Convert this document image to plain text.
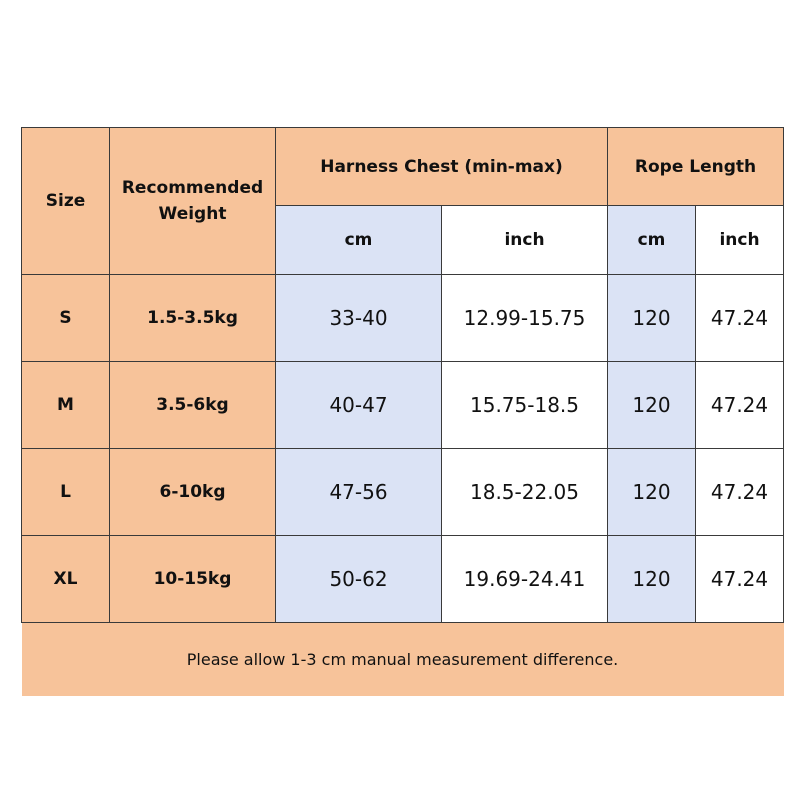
Size	Recommended Weight	Harness Chest (min-max)		Rope Length	
		cm	inch	cm	inch
S	1.5-3.5kg	33-40	12.99-15.75	120	47.24
M	3.5-6kg	40-47	15.75-18.5	120	47.24
L	6-10kg	47-56	18.5-22.05	120	47.24
XL	10-15kg	50-62	19.69-24.41	120	47.24
Please allow 1-3 cm manual measurement difference.					
